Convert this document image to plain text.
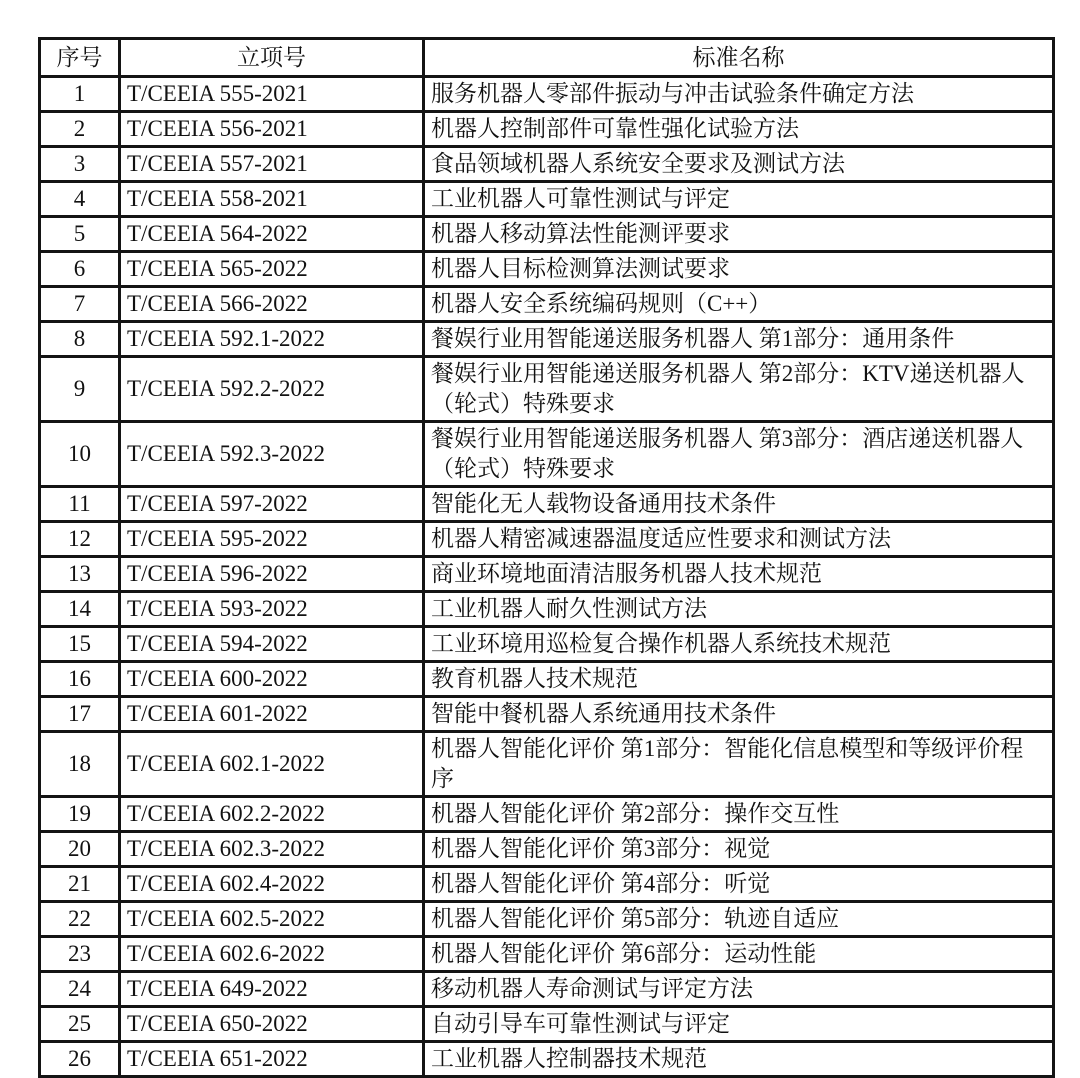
序号	立项号	标准名称
1	T/CEEIA 555-2021	服务机器人零部件振动与冲击试验条件确定方法
2	T/CEEIA 556-2021	机器人控制部件可靠性强化试验方法
3	T/CEEIA 557-2021	食品领域机器人系统安全要求及测试方法
4	T/CEEIA 558-2021	工业机器人可靠性测试与评定
5	T/CEEIA 564-2022	机器人移动算法性能测评要求
6	T/CEEIA 565-2022	机器人目标检测算法测试要求
7	T/CEEIA 566-2022	机器人安全系统编码规则（C++）
8	T/CEEIA 592.1-2022	餐娱行业用智能递送服务机器人 第1部分：通用条件
9	T/CEEIA 592.2-2022	餐娱行业用智能递送服务机器人 第2部分：KTV递送机器人（轮式）特殊要求
10	T/CEEIA 592.3-2022	餐娱行业用智能递送服务机器人 第3部分：酒店递送机器人（轮式）特殊要求
11	T/CEEIA 597-2022	智能化无人载物设备通用技术条件
12	T/CEEIA 595-2022	机器人精密减速器温度适应性要求和测试方法
13	T/CEEIA 596-2022	商业环境地面清洁服务机器人技术规范
14	T/CEEIA 593-2022	工业机器人耐久性测试方法
15	T/CEEIA 594-2022	工业环境用巡检复合操作机器人系统技术规范
16	T/CEEIA 600-2022	教育机器人技术规范
17	T/CEEIA 601-2022	智能中餐机器人系统通用技术条件
18	T/CEEIA 602.1-2022	机器人智能化评价 第1部分：智能化信息模型和等级评价程序
19	T/CEEIA 602.2-2022	机器人智能化评价 第2部分：操作交互性
20	T/CEEIA 602.3-2022	机器人智能化评价 第3部分：视觉
21	T/CEEIA 602.4-2022	机器人智能化评价 第4部分：听觉
22	T/CEEIA 602.5-2022	机器人智能化评价 第5部分：轨迹自适应
23	T/CEEIA 602.6-2022	机器人智能化评价 第6部分：运动性能
24	T/CEEIA 649-2022	移动机器人寿命测试与评定方法
25	T/CEEIA 650-2022	自动引导车可靠性测试与评定
26	T/CEEIA 651-2022	工业机器人控制器技术规范
